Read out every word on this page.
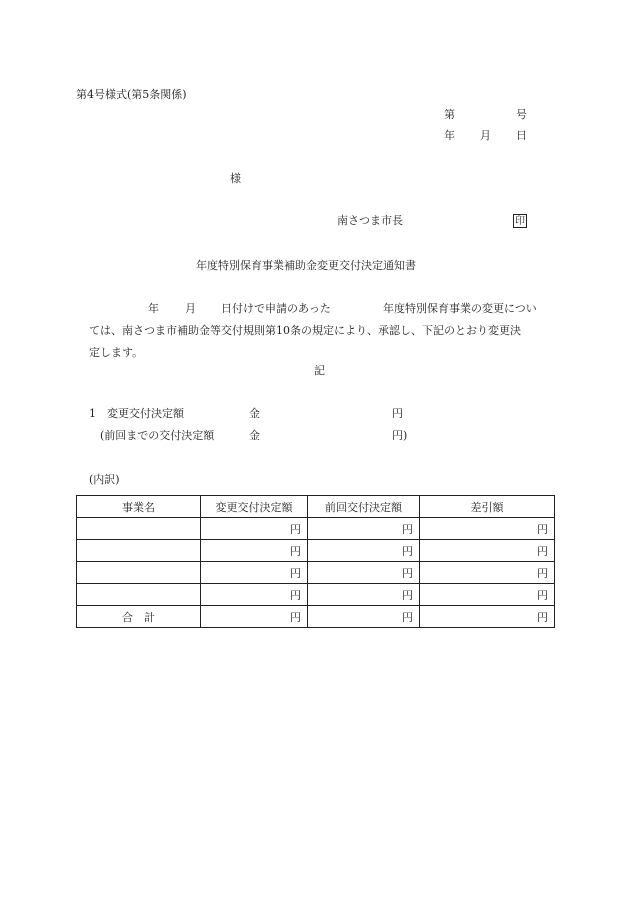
第4号様式(第5条関係)
第	号
年 月 日
様
南さつま市長	印
年度特別保育事業補助金変更交付決定通知書
年 月 日付けで申請のあった	年度特別保育事業の変更につい

ては、南さつま市補助金等交付規則第10条の規定により、承認し、下記のとおり変更決
定します。
記
1　変更交付決定額	金	円
(前回までの交付決定額	金	円)
(内訳)
事業名	変更交付決定額	前回交付決定額	差引額
	円	円	円
	円	円	円
	円	円	円
	円	円	円
合　計	円	円	円
